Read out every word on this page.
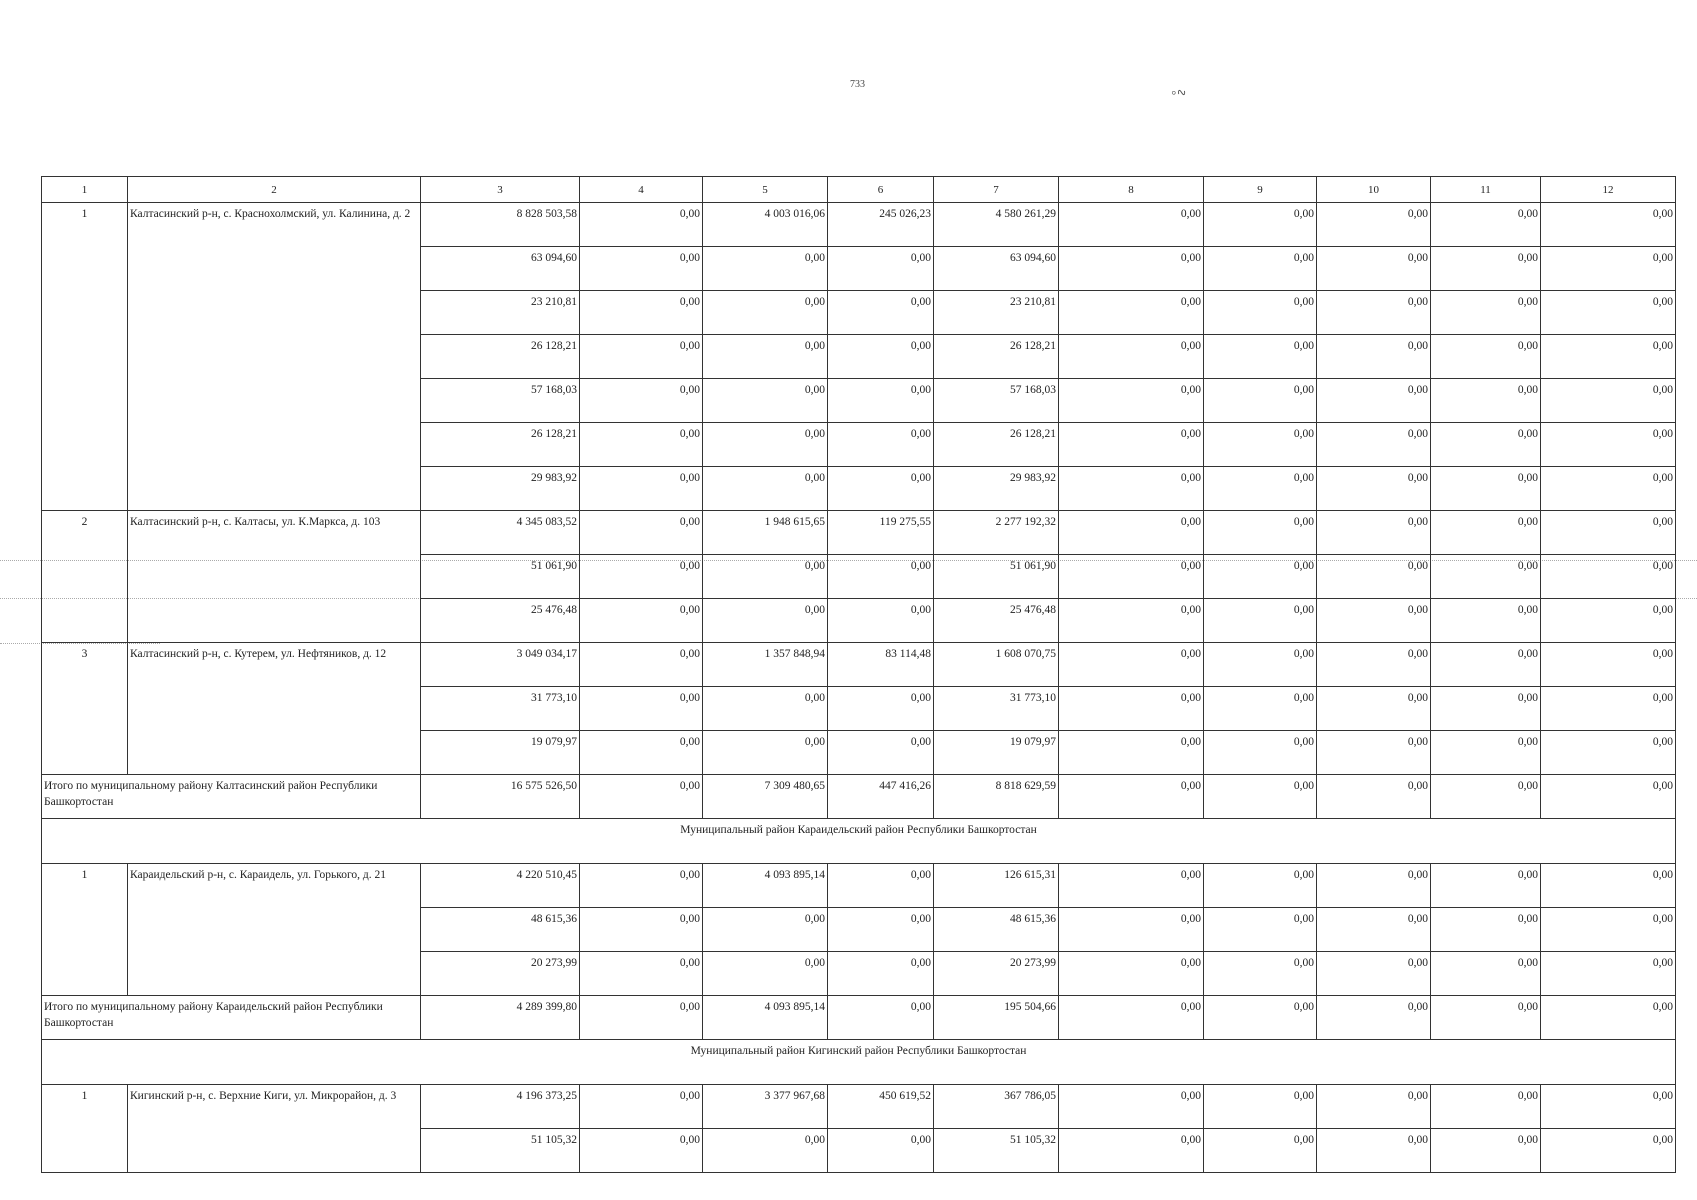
733	°∿
1	2	3	4	5	6	7	8	9	10	11	12
1	Калтасинский р-н, с. Краснохолмский, ул. Калинина, д. 2	8 828 503,58	0,00	4 003 016,06	245 026,23	4 580 261,29	0,00	0,00	0,00	0,00	0,00
		63 094,60	0,00	0,00	0,00	63 094,60	0,00	0,00	0,00	0,00	0,00
		23 210,81	0,00	0,00	0,00	23 210,81	0,00	0,00	0,00	0,00	0,00
		26 128,21	0,00	0,00	0,00	26 128,21	0,00	0,00	0,00	0,00	0,00
		57 168,03	0,00	0,00	0,00	57 168,03	0,00	0,00	0,00	0,00	0,00
		26 128,21	0,00	0,00	0,00	26 128,21	0,00	0,00	0,00	0,00	0,00
		29 983,92	0,00	0,00	0,00	29 983,92	0,00	0,00	0,00	0,00	0,00
2	Калтасинский р-н, с. Калтасы, ул. К.Маркса, д. 103	4 345 083,52	0,00	1 948 615,65	119 275,55	2 277 192,32	0,00	0,00	0,00	0,00	0,00
		51 061,90	0,00	0,00	0,00	51 061,90	0,00	0,00	0,00	0,00	0,00
		25 476,48	0,00	0,00	0,00	25 476,48	0,00	0,00	0,00	0,00	0,00
3	Калтасинский р-н, с. Кутерем, ул. Нефтяников, д. 12	3 049 034,17	0,00	1 357 848,94	83 114,48	1 608 070,75	0,00	0,00	0,00	0,00	0,00
		31 773,10	0,00	0,00	0,00	31 773,10	0,00	0,00	0,00	0,00	0,00
		19 079,97	0,00	0,00	0,00	19 079,97	0,00	0,00	0,00	0,00	0,00
Итого по муниципальному району Калтасинский район Республики Башкортостан		16 575 526,50	0,00	7 309 480,65	447 416,26	8 818 629,59	0,00	0,00	0,00	0,00	0,00
Муниципальный район Караидельский район Республики Башкортостан											
1	Караидельский р-н, с. Караидель, ул. Горького, д. 21	4 220 510,45	0,00	4 093 895,14	0,00	126 615,31	0,00	0,00	0,00	0,00	0,00
		48 615,36	0,00	0,00	0,00	48 615,36	0,00	0,00	0,00	0,00	0,00
		20 273,99	0,00	0,00	0,00	20 273,99	0,00	0,00	0,00	0,00	0,00
Итого по муниципальному району Караидельский район Республики Башкортостан		4 289 399,80	0,00	4 093 895,14	0,00	195 504,66	0,00	0,00	0,00	0,00	0,00
Муниципальный район Кигинский район Республики Башкортостан											
1	Кигинский р-н, с. Верхние Киги, ул. Микрорайон, д. 3	4 196 373,25	0,00	3 377 967,68	450 619,52	367 786,05	0,00	0,00	0,00	0,00	0,00
		51 105,32	0,00	0,00	0,00	51 105,32	0,00	0,00	0,00	0,00	0,00
